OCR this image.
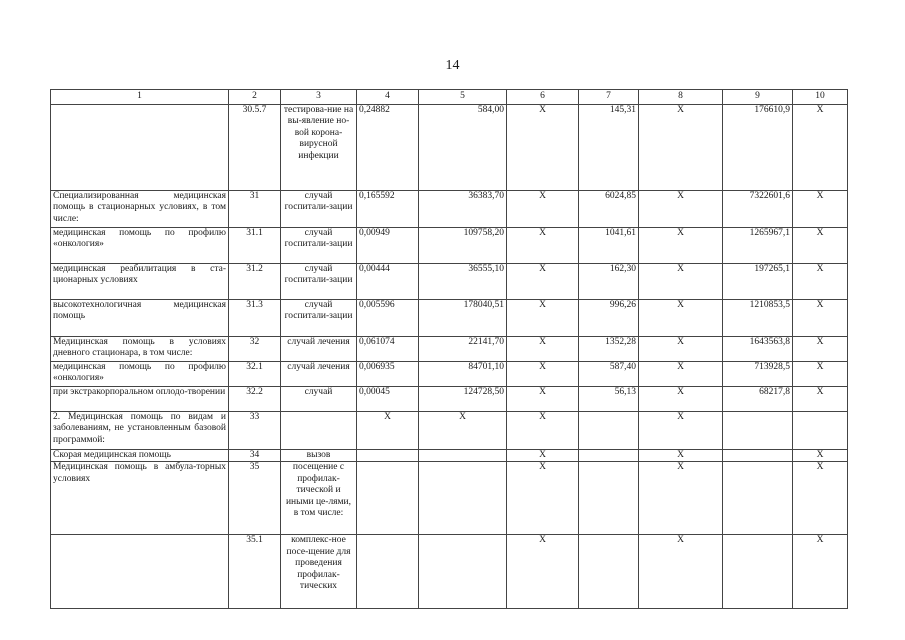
14
1	2	3	4	5	6	7	8	9	10
	30.5.7	тестирова-ние на вы-явление но-вой корона-вирусной инфекции	0,24882	584,00	X	145,31	X	176610,9	X
Специализированная медицинская помощь в стационарных условиях, в том числе:	31	случай госпитали-зации	0,165592	36383,70	X	6024,85	X	7322601,6	X
медицинская помощь по профилю «онкология»	31.1	случай госпитали-зации	0,00949	109758,20	X	1041,61	X	1265967,1	X
медицинская реабилитация в ста-ционарных условиях	31.2	случай госпитали-зации	0,00444	36555,10	X	162,30	X	197265,1	X
высокотехнологичная медицинская помощь	31.3	случай госпитали-зации	0,005596	178040,51	X	996,26	X	1210853,5	X
Медицинская помощь в условиях дневного стационара, в том числе:	32	случай лечения	0,061074	22141,70	X	1352,28	X	1643563,8	X
медицинская помощь по профилю «онкология»	32.1	случай лечения	0,006935	84701,10	X	587,40	X	713928,5	X
при экстракорпоральном оплодо-творении	32.2	случай	0,00045	124728,50	X	56,13	X	68217,8	X
2. Медицинская помощь по видам и заболеваниям, не установленным базовой программой:	33		X	X	X		X		
Скорая медицинская помощь	34	вызов			X		X		X
Медицинская помощь в амбула-торных условиях	35	посещение с профилак-тической и иными це-лями, в том числе:			X		X		X
	35.1	комплекс-ное посе-щение для проведения профилак-тических			X		X		X
